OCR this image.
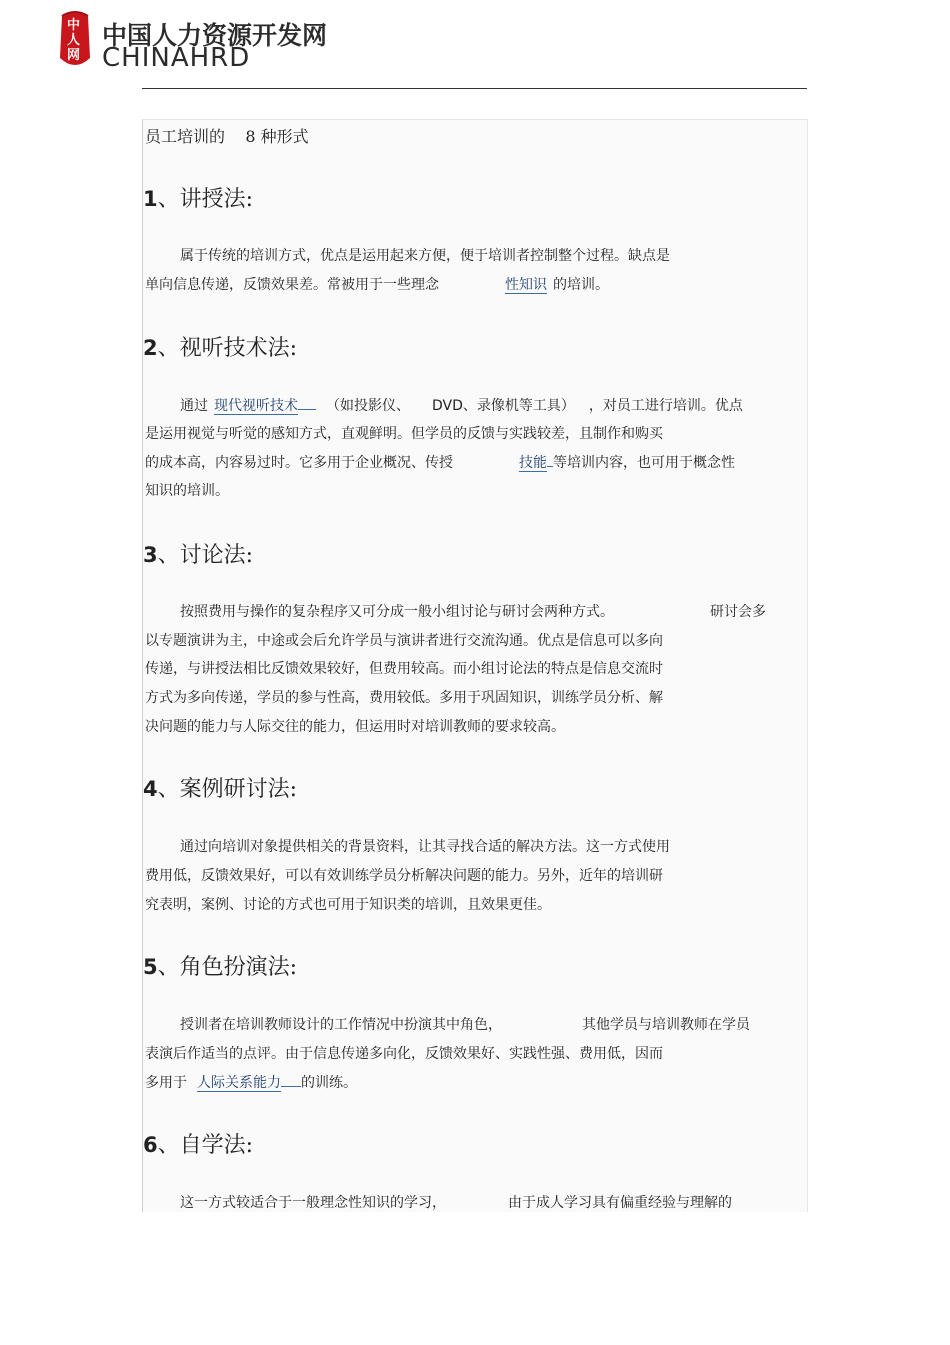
中人网
中国人力资源开发网
CHINAHRD
员工培训的    8 种形式
1、讲授法:
属于传统的培训方式，优点是运用起来方便，便于培训者控制整个过程。缺点是
单向信息传递，反馈效果差。常被用于一些理念	性知识 的培训。
2、视听技术法:
通过 现代视听技术 （如投影仪、 DVD、录像机等工具） ，对员工进行培训。优点
是运用视觉与听觉的感知方式，直观鲜明。但学员的反馈与实践较差，且制作和购买
的成本高，内容易过时。它多用于企业概况、传授	技能 等培训内容，也可用于概念性
知识的培训。
3、讨论法:
按照费用与操作的复杂程序又可分成一般小组讨论与研讨会两种方式。	研讨会多
以专题演讲为主，中途或会后允许学员与演讲者进行交流沟通。优点是信息可以多向
传递，与讲授法相比反馈效果较好，但费用较高。而小组讨论法的特点是信息交流时
方式为多向传递，学员的参与性高，费用较低。多用于巩固知识，训练学员分析、解
决问题的能力与人际交往的能力，但运用时对培训教师的要求较高。
4、案例研讨法:
通过向培训对象提供相关的背景资料，让其寻找合适的解决方法。这一方式使用
费用低，反馈效果好，可以有效训练学员分析解决问题的能力。另外，近年的培训研
究表明，案例、讨论的方式也可用于知识类的培训，且效果更佳。
5、角色扮演法:
授训者在培训教师设计的工作情况中扮演其中角色，	其他学员与培训教师在学员
表演后作适当的点评。由于信息传递多向化，反馈效果好、实践性强、费用低，因而
多用于 人际关系能力 的训练。
6、自学法:
这一方式较适合于一般理念性知识的学习，	由于成人学习具有偏重经验与理解的
